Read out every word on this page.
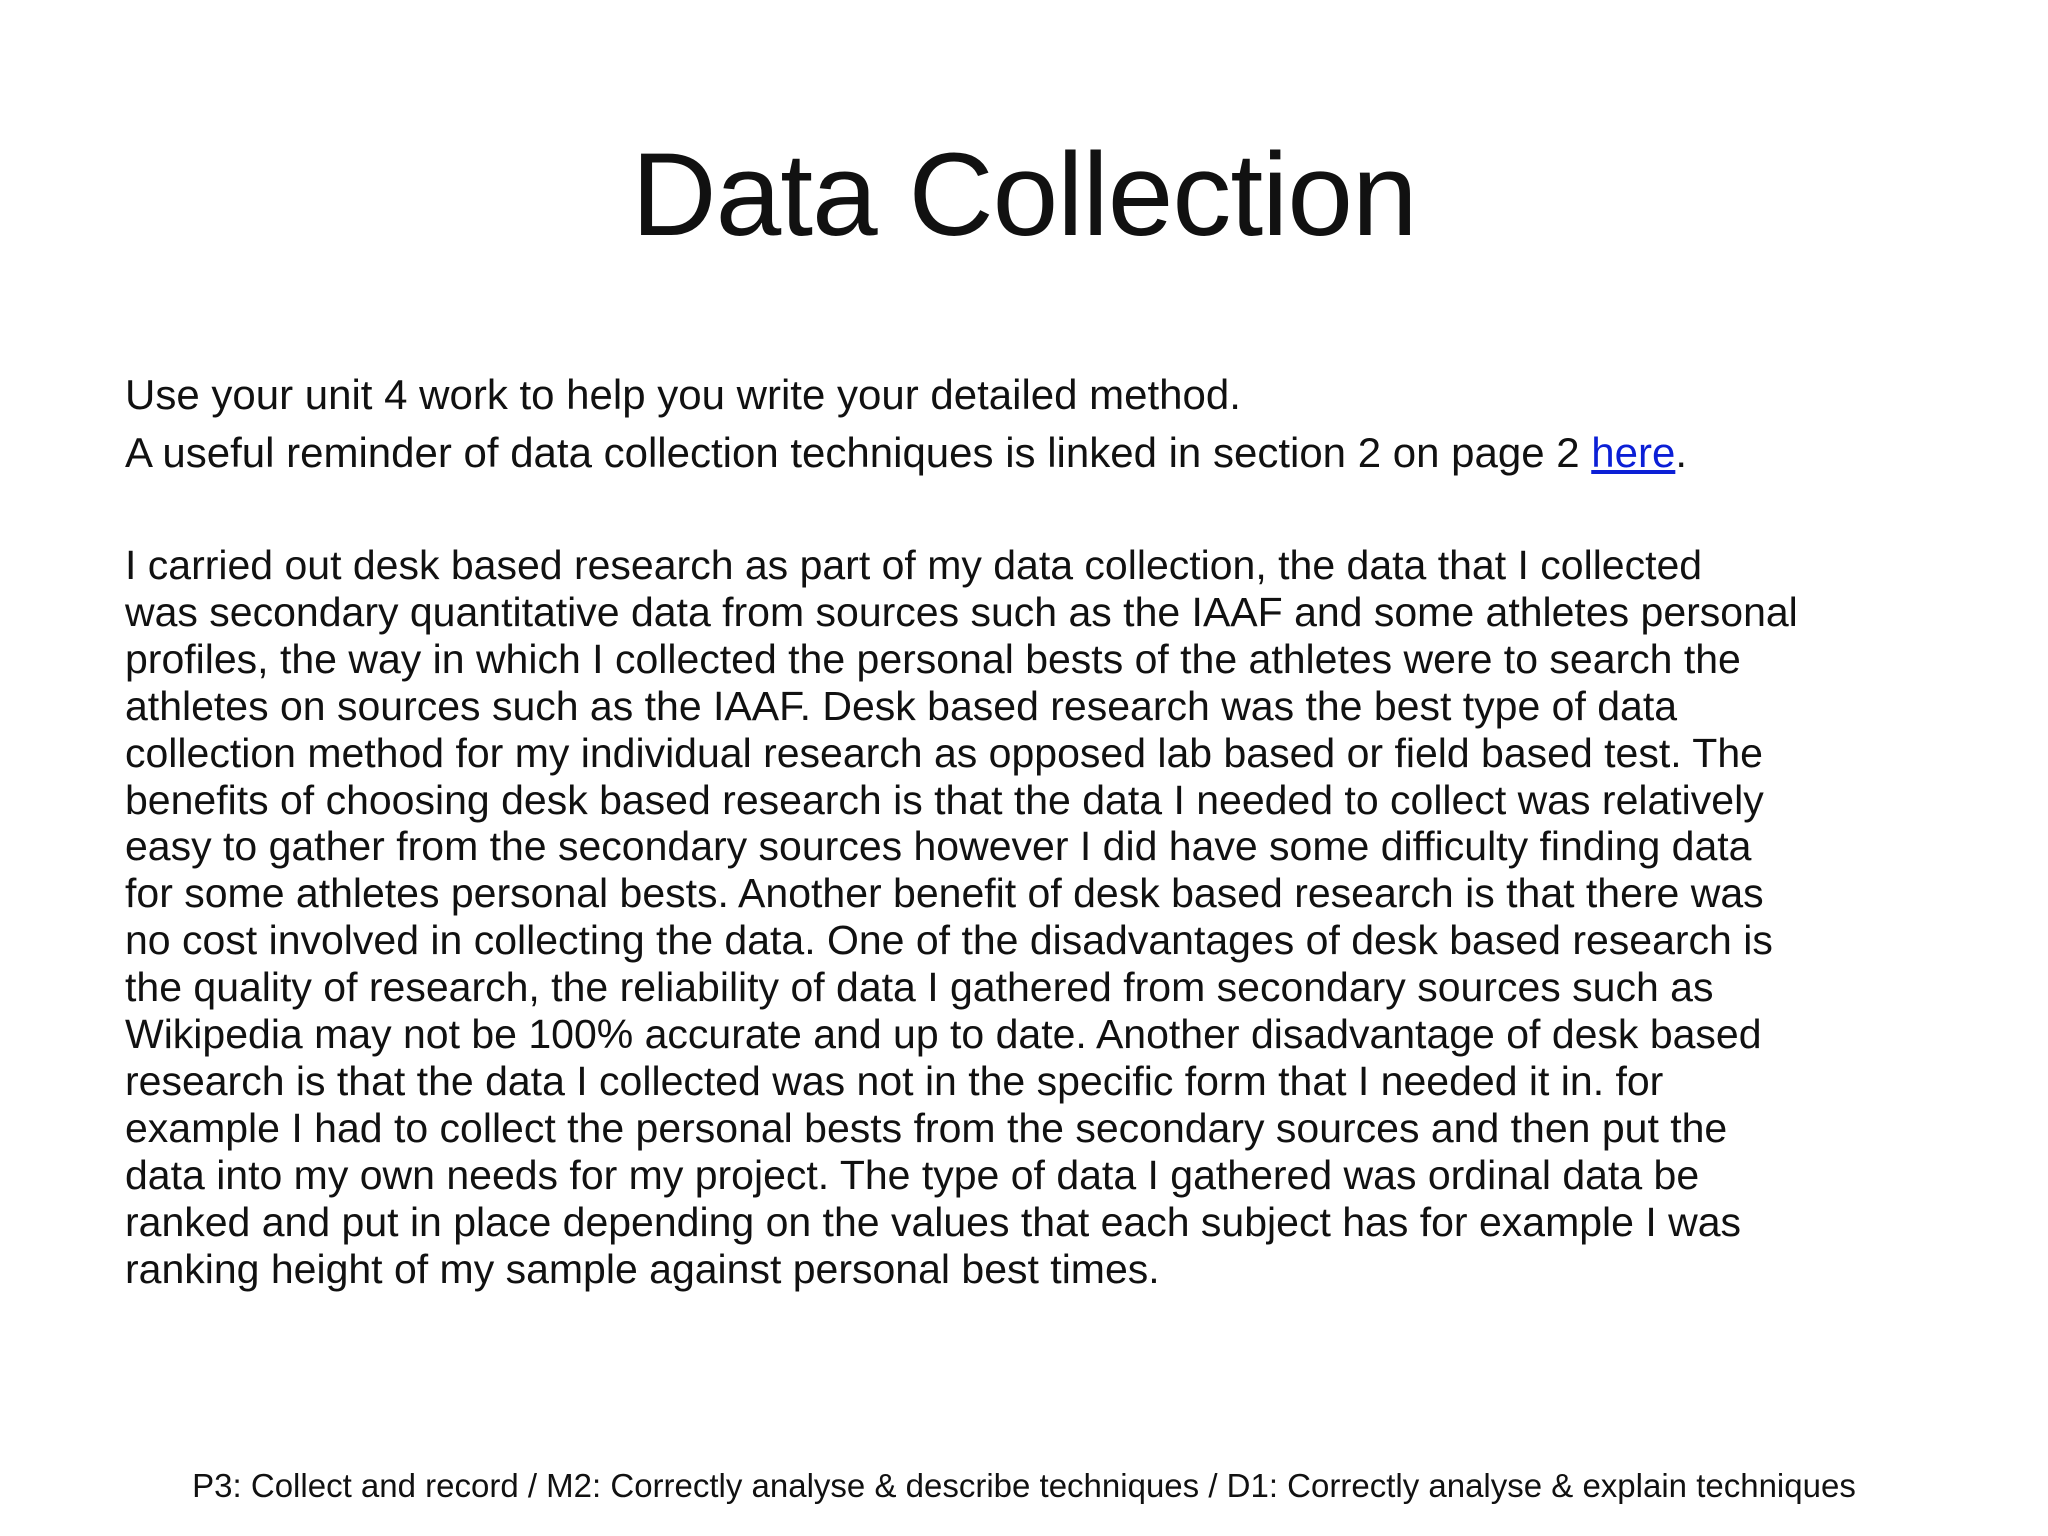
Data Collection

Use your unit 4 work to help you write your detailed method.

A useful reminder of data collection techniques is linked in section 2 on page 2 here.

I carried out desk based research as part of my data collection, the data that I collected
was secondary quantitative data from sources such as the IAAF and some athletes personal
profiles, the way in which I collected the personal bests of the athletes were to search the
athletes on sources such as the IAAF. Desk based research was the best type of data
collection method for my individual research as opposed lab based or field based test. The
benefits of choosing desk based research is that the data I needed to collect was relatively
easy to gather from the secondary sources however I did have some difficulty finding data
for some athletes personal bests. Another benefit of desk based research is that there was
no cost involved in collecting the data. One of the disadvantages of desk based research is
the quality of research, the reliability of data I gathered from secondary sources such as
Wikipedia may not be 100% accurate and up to date. Another disadvantage of desk based
research is that the data I collected was not in the specific form that I needed it in. for
example I had to collect the personal bests from the secondary sources and then put the
data into my own needs for my project. The type of data I gathered was ordinal data be
ranked and put in place depending on the values that each subject has for example I was
ranking height of my sample against personal best times.
P3: Collect and record / M2: Correctly analyse & describe techniques / D1: Correctly analyse & explain techniques
